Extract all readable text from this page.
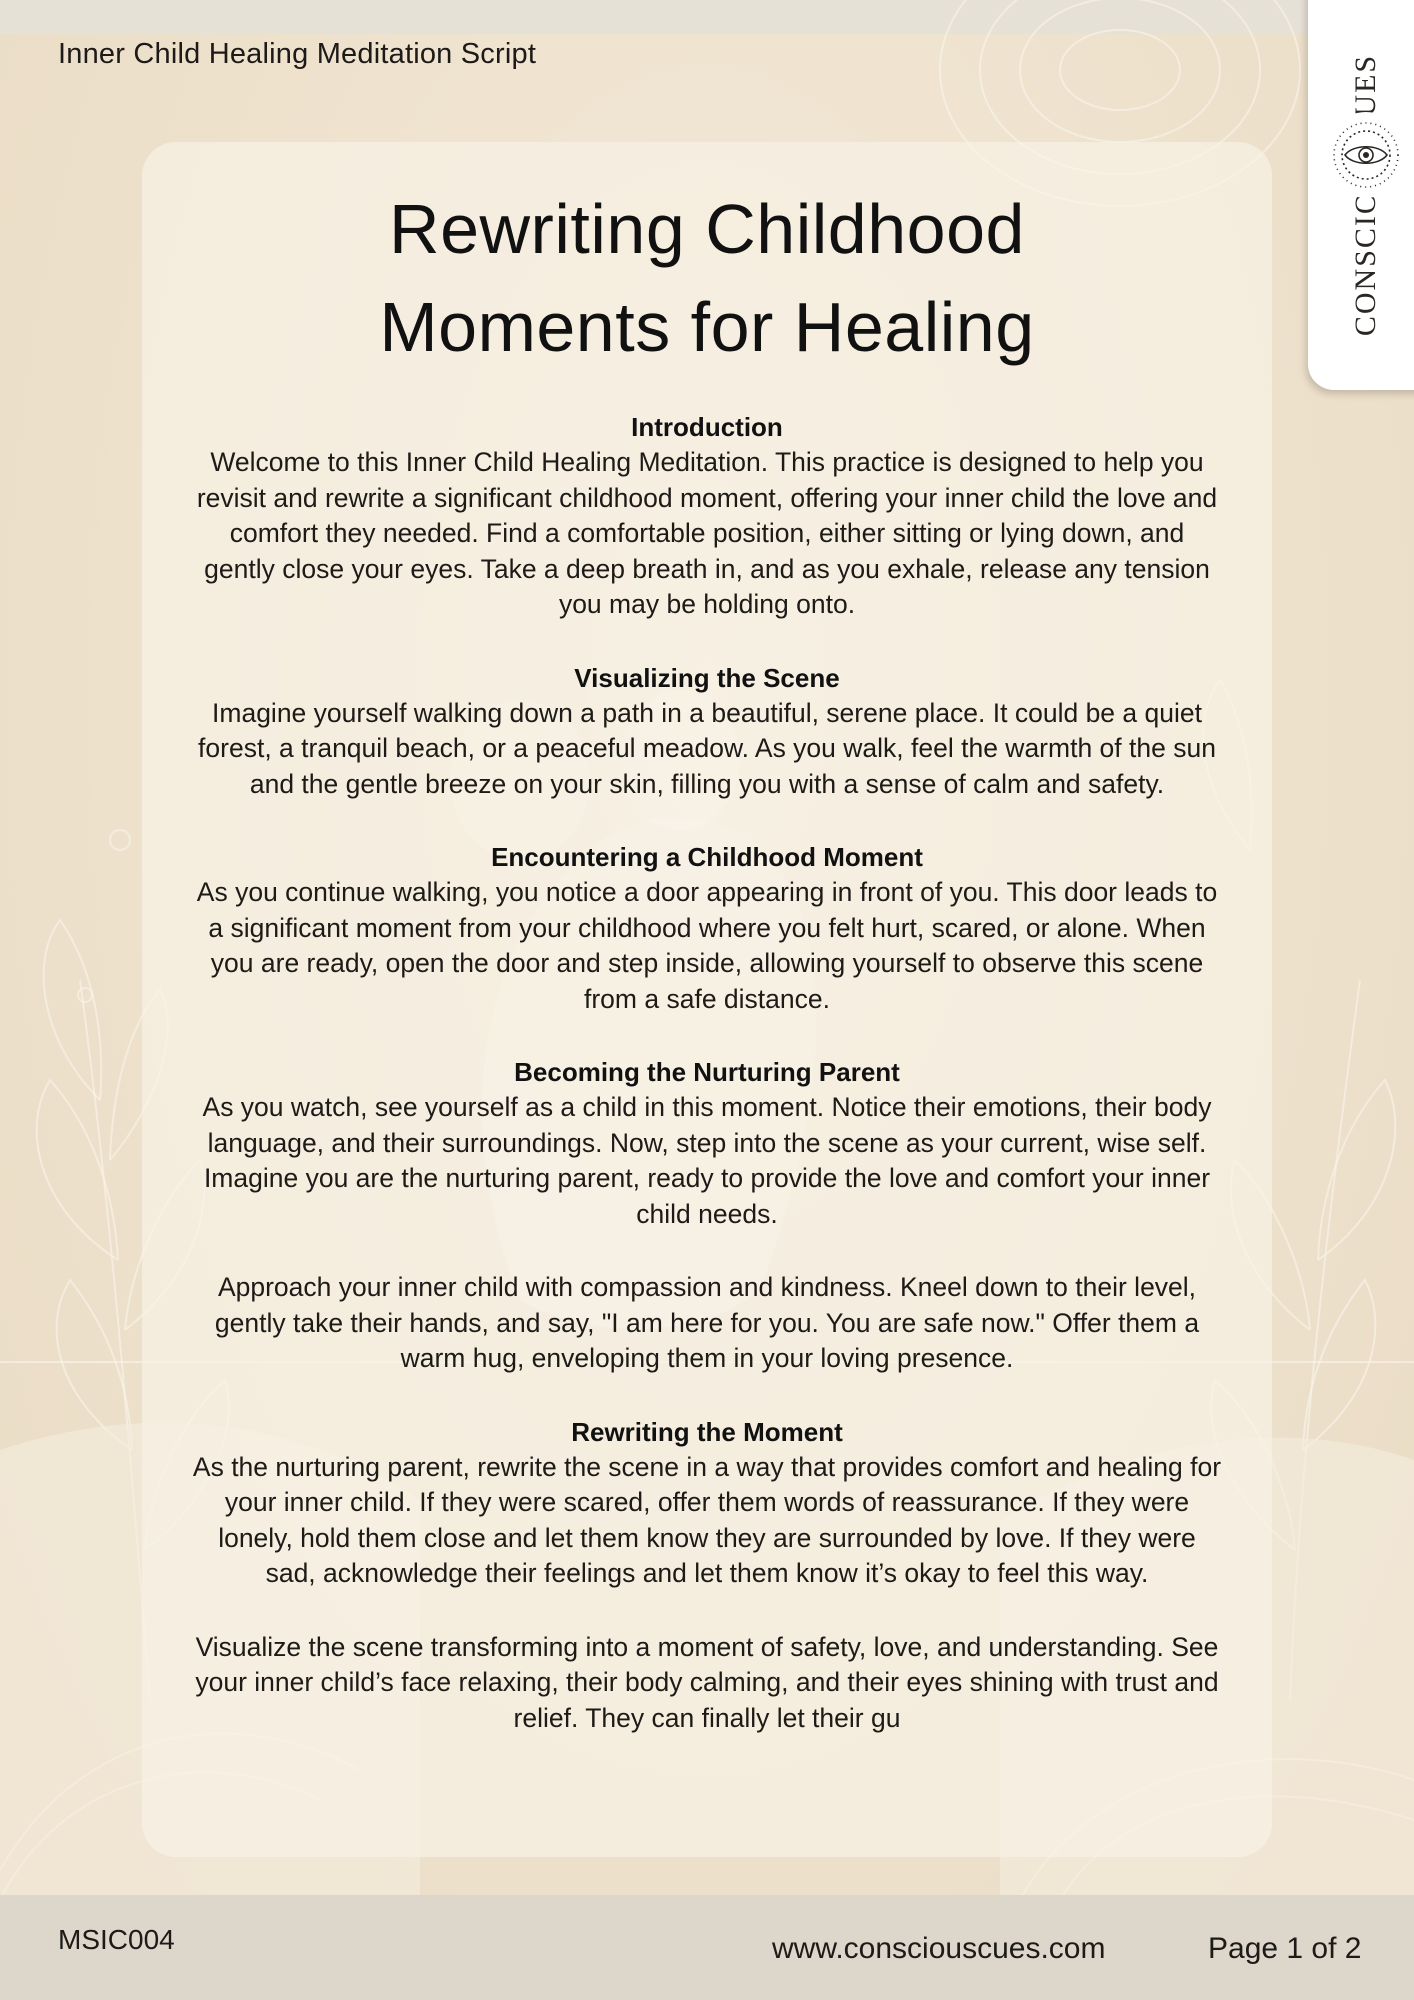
Inner Child Healing Meditation Script
Rewriting Childhood
Moments for Healing

Introduction

Welcome to this Inner Child Healing Meditation. This practice is designed to help you revisit and rewrite a significant childhood moment, offering your inner child the love and comfort they needed. Find a comfortable position, either sitting or lying down, and gently close your eyes. Take a deep breath in, and as you exhale, release any tension you may be holding onto.

Visualizing the Scene

Imagine yourself walking down a path in a beautiful, serene place. It could be a quiet forest, a tranquil beach, or a peaceful meadow. As you walk, feel the warmth of the sun and the gentle breeze on your skin, filling you with a sense of calm and safety.

Encountering a Childhood Moment

As you continue walking, you notice a door appearing in front of you. This door leads to a significant moment from your childhood where you felt hurt, scared, or alone. When you are ready, open the door and step inside, allowing yourself to observe this scene from a safe distance.

Becoming the Nurturing Parent

As you watch, see yourself as a child in this moment. Notice their emotions, their body language, and their surroundings. Now, step into the scene as your current, wise self. Imagine you are the nurturing parent, ready to provide the love and comfort your inner child needs.

Approach your inner child with compassion and kindness. Kneel down to their level, gently take their hands, and say, "I am here for you. You are safe now." Offer them a warm hug, enveloping them in your loving presence.

Rewriting the Moment

As the nurturing parent, rewrite the scene in a way that provides comfort and healing for your inner child. If they were scared, offer them words of reassurance. If they were lonely, hold them close and let them know they are surrounded by love. If they were sad, acknowledge their feelings and let them know it’s okay to feel this way.

Visualize the scene transforming into a moment of safety, love, and understanding. See your inner child’s face relaxing, their body calming, and their eyes shining with trust and relief. They can finally let their gu

MSIC004	www.consciouscues.com	Page 1 of 2
